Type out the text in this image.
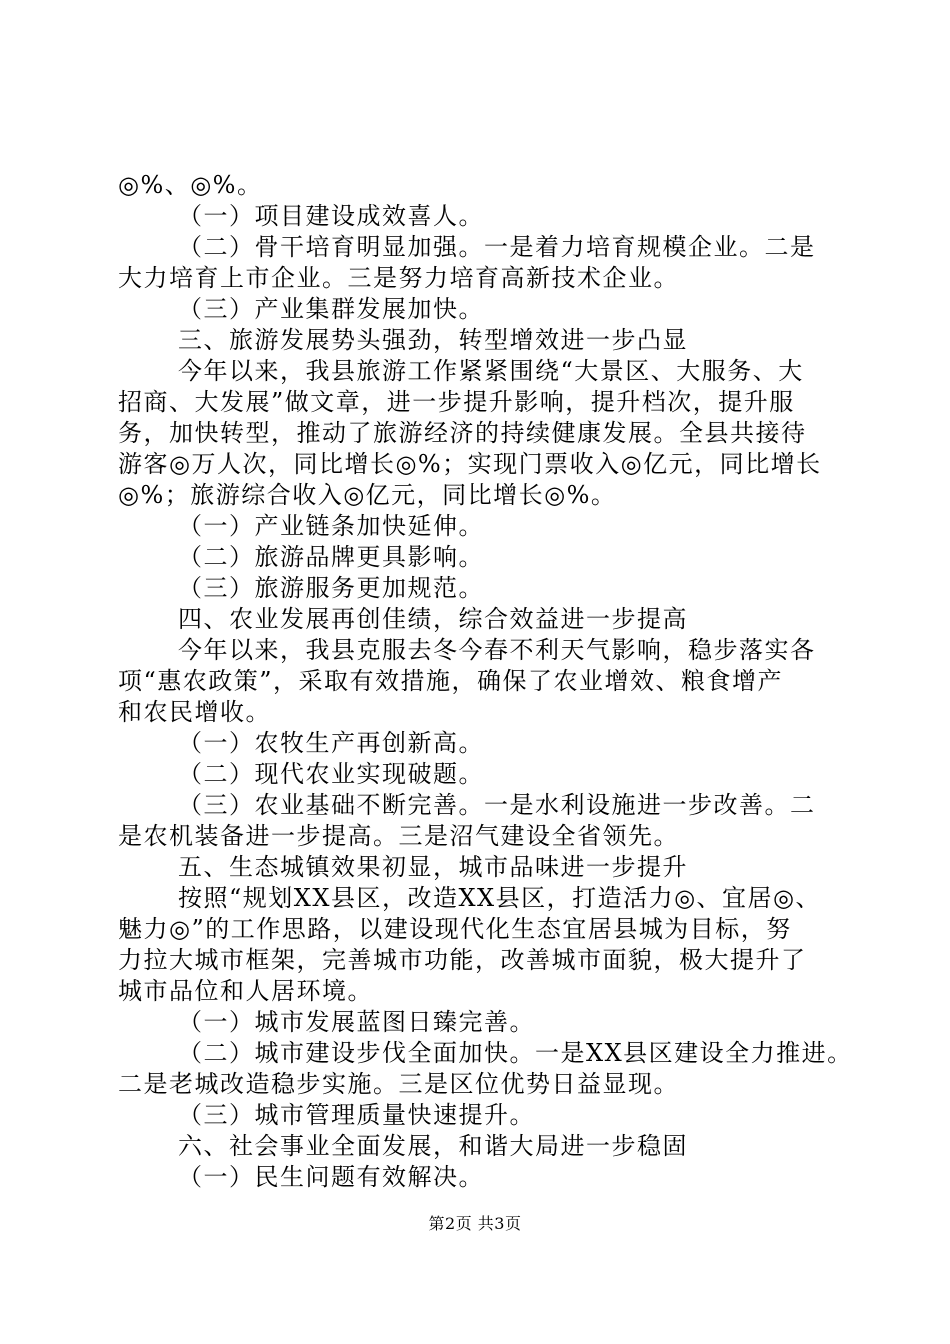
◎%、◎%。
（一）项目建设成效喜人。
（二）骨干培育明显加强。一是着力培育规模企业。二是
大力培育上市企业。三是努力培育高新技术企业。
（三）产业集群发展加快。
三、旅游发展势头强劲，转型增效进一步凸显
今年以来，我县旅游工作紧紧围绕“大景区、大服务、大
招商、大发展”做文章，进一步提升影响，提升档次，提升服
务，加快转型，推动了旅游经济的持续健康发展。全县共接待
游客◎万人次，同比增长◎%；实现门票收入◎亿元，同比增长
◎%；旅游综合收入◎亿元，同比增长◎%。
（一）产业链条加快延伸。
（二）旅游品牌更具影响。
（三）旅游服务更加规范。
四、农业发展再创佳绩，综合效益进一步提高
今年以来，我县克服去冬今春不利天气影响，稳步落实各
项“惠农政策”，采取有效措施，确保了农业增效、粮食增产
和农民增收。
（一）农牧生产再创新高。
（二）现代农业实现破题。
（三）农业基础不断完善。一是水利设施进一步改善。二
是农机装备进一步提高。三是沼气建设全省领先。
五、生态城镇效果初显，城市品味进一步提升
按照“规划XX县区，改造XX县区，打造活力◎、宜居◎、
魅力◎”的工作思路，以建设现代化生态宜居县城为目标，努
力拉大城市框架，完善城市功能，改善城市面貌，极大提升了
城市品位和人居环境。
（一）城市发展蓝图日臻完善。
（二）城市建设步伐全面加快。一是XX县区建设全力推进。
二是老城改造稳步实施。三是区位优势日益显现。
（三）城市管理质量快速提升。
六、社会事业全面发展，和谐大局进一步稳固
（一）民生问题有效解决。
第2页 共3页
